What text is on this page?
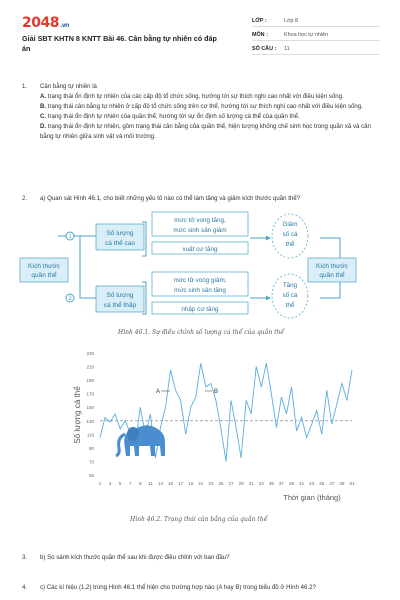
2048.vn
Giải SBT KHTN 8 KNTT Bài 46. Cân bằng tự nhiên có đáp án
LỚP :	Lớp 8
MÔN :	Khoa học tự nhiên
SỐ CÂU :	11
1. Cân bằng tự nhiên là

A. trạng thái ổn định tự nhiên của các cấp độ tổ chức sống, hướng tới sự thích nghi cao nhất với điều kiện sống.

B. trạng thái cân bằng tự nhiên ở cấp độ tổ chức sống trên cơ thể, hướng tới sự thích nghi cao nhất với điều kiện sống.

C. trạng thái ổn định tự nhiên của quần thể, hướng tới sự ổn định số lượng cá thể của quần thể.

D. trạng thái ổn định tự nhiên, gồm trạng thái cân bằng của quần thể, hiện tượng khống chế sinh học trong quần xã và cân bằng tự nhiên giữa sinh vật và môi trường.

2. a) Quan sát Hình 46.1, cho biết những yếu tố nào có thể làm tăng và giảm kích thước quần thể?
1
2
Kích thước
quần thể
Kích thước
quần thể
Số lượng
cá thể cao
Số lượng
cá thể thấp
mức tử vong tăng,
mức sinh sản giảm
xuất cư tăng
mức tử vong giảm,
mức sinh sản tăng
nhập cư tăng
Giảm
số cá
thể
Tăng
số cá
thể
Hình 46.1. Sự điều chỉnh số lượng cá thể của quần thể
Số lượng cá thể
50
70
90
110
130
150
170
190
210
230
1 3 5 7 9 11 13 15 17 19 21 23 25 27 29 31 33 35 37 39 41 43 45 47 49 51
A	B
Thời gian (tháng)
Hình 46.2. Trạng thái cân bằng của quần thể
3. b) So sánh kích thước quần thể sau khi được điều chỉnh với ban đầu?
4. c) Các kí hiệu (1,2) trong Hình 46.1 thể hiện cho trường hợp nào (A hay B) trong biểu đồ ở Hình 46.2?
